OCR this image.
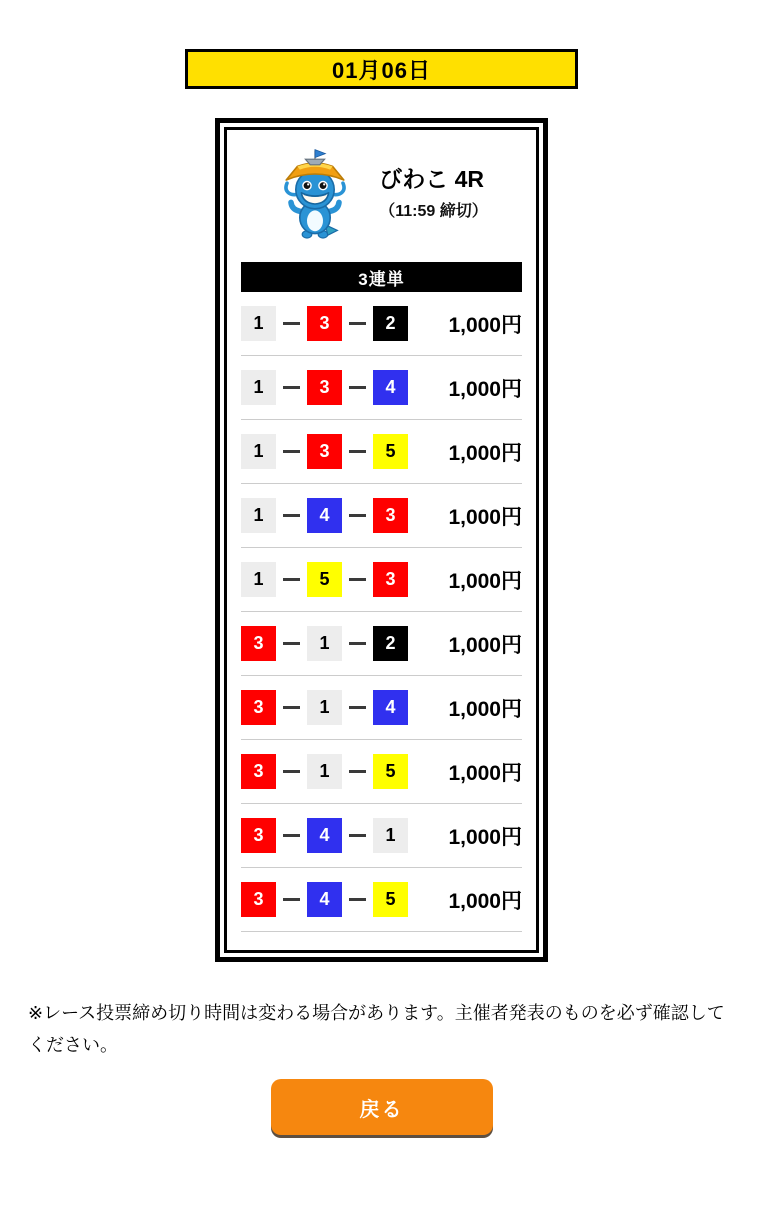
01月06日
びわこ 4R
（11:59 締切）
3連単
1	3	2	1,000円
1	3	4	1,000円
1	3	5	1,000円
1	4	3	1,000円
1	5	3	1,000円
3	1	2	1,000円
3	1	4	1,000円
3	1	5	1,000円
3	4	1	1,000円
3	4	5	1,000円

※レース投票締め切り時間は変わる場合があります。主催者発表のものを必ず確認してください。

戻る
